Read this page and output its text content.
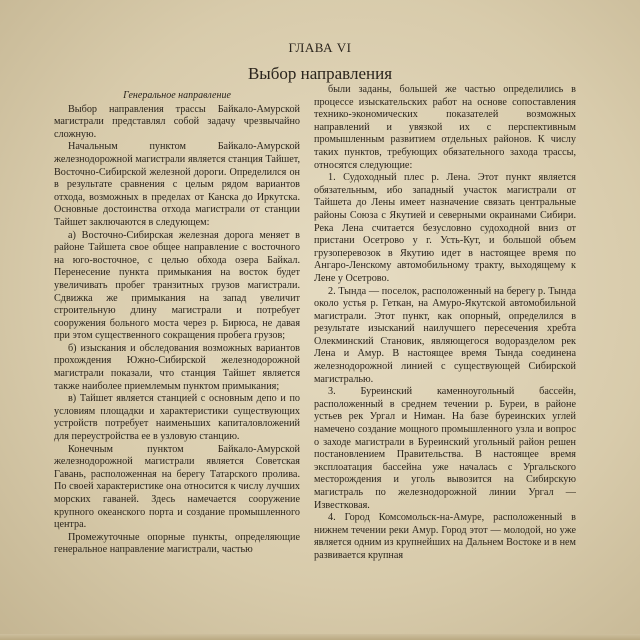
ГЛАВА VI
Выбор направления
Генеральное направление

Выбор направления трассы Байкало-Амурской магистрали представлял собой задачу чрезвычайно сложную.

Начальным пунктом Байкало-Амурской железнодорожной магистрали является станция Тайшет, Восточно-Сибирской железной дороги. Определился он в результате сравнения с целым рядом вариантов отхода, возможных в пределах от Канска до Иркутска. Основные достоинства отхода магистрали от станции Тайшет заключаются в следующем:

а) Восточно-Сибирская железная дорога меняет в районе Тайшета свое общее направление с восточного на юго-восточное, с целью обхода озера Байкал. Перенесение пункта примыкания на восток будет увеличивать пробег транзитных грузов магистрали. Сдвижка же примыкания на запад увеличит строительную длину магистрали и потребует сооружения больного моста через р. Бирюса, не давая при этом существенного сокращения пробега грузов;

б) изыскания и обследования возможных вариантов прохождения Южно-Сибирской железнодорожной магистрали показали, что станция Тайшет является также наиболее приемлемым пунктом примыкания;

в) Тайшет является станцией с основным депо и по условиям площадки и характеристики существующих устройств потребует наименьших капиталовложений для переустройства ее в узловую станцию.

Конечным пунктом Байкало-Амурской железнодорожной магистрали является Советская Гавань, расположенная на берегу Татарского пролива. По своей характеристике она относится к числу лучших морских гаваней. Здесь намечается сооружение крупного океанского порта и создание промышленного центра.

Промежуточные опорные пункты, определяющие генеральное направление магистрали, частью

были заданы, большей же частью определились в процессе изыскательских работ на основе сопоставления технико-экономических показателей возможных направлений и увязкой их с перспективным промышленным развитием отдельных районов. К числу таких пунктов, требующих обязательного захода трассы, относятся следующие:

1. Судоходный плес р. Лена. Этот пункт является обязательным, ибо западный участок магистрали от Тайшета до Лены имеет назначение связать центральные районы Союза с Якутией и северными окраинами Сибири. Река Лена считается безусловно судоходной вниз от пристани Осетрово у г. Усть-Кут, и большой объем грузоперевозок в Якутию идет в настоящее время по Ангаро-Ленскому автомобильному тракту, выходящему к Лене у Осетрово.

2. Тында — поселок, расположенный на берегу р. Тында около устья р. Геткан, на Амуро-Якутской автомобильной магистрали. Этот пункт, как опорный, определился в результате изысканий наилучшего пересечения хребта Олекминский Становик, являющегося водоразделом рек Лена и Амур. В настоящее время Тында соединена железнодорожной линией с существующей Сибирской магистралью.

3. Буреинский каменноугольный бассейн, расположенный в среднем течении р. Буреи, в районе устьев рек Ургал и Ниман. На базе буреинских углей намечено создание мощного промышленного узла и вопрос о заходе магистрали в Буреинский угольный район решен постановлением Правительства. В настоящее время эксплоатация бассейна уже началась с Ургальского месторождения и уголь вывозится на Сибирскую магистраль по железнодорожной линии Ургал — Известковая.

4. Город Комсомольск-на-Амуре, расположенный в нижнем течении реки Амур. Город этот — молодой, но уже является одним из крупнейших на Дальнем Востоке и в нем развивается крупная
